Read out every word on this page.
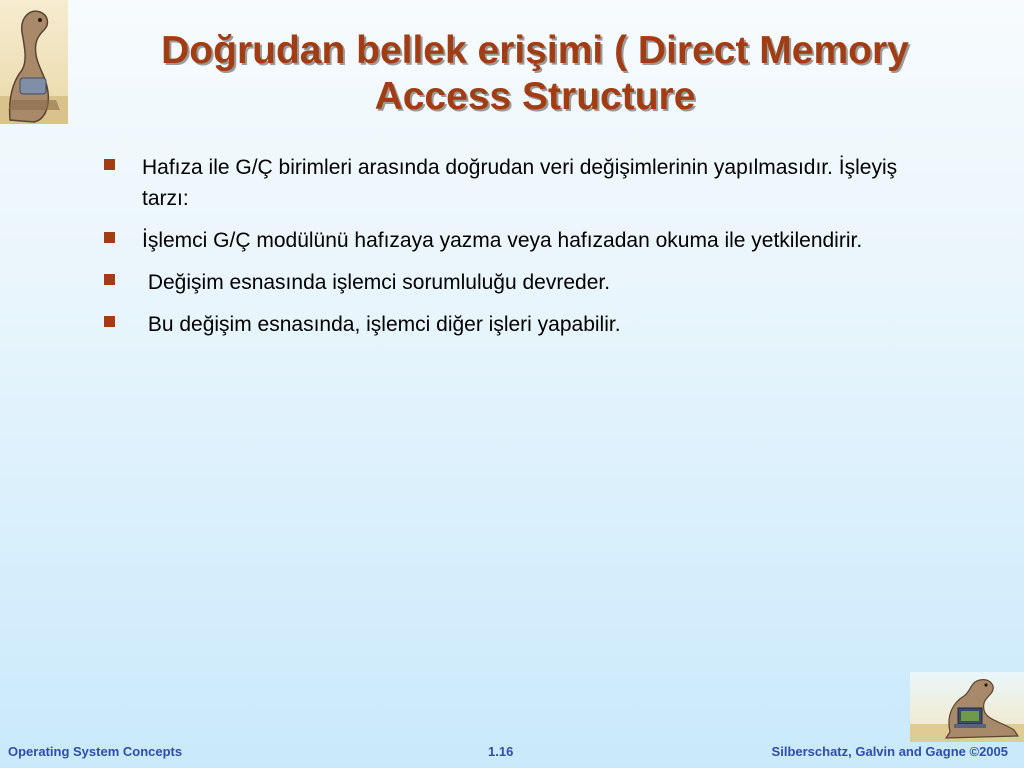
Doğrudan bellek erişimi ( Direct Memory
Access Structure
Hafıza ile G/Ç birimleri arasında doğrudan veri değişimlerinin yapılmasıdır. İşleyiş tarzı:
İşlemci G/Ç modülünü hafızaya yazma veya hafızadan okuma ile yetkilendirir.
Değişim esnasında işlemci sorumluluğu devreder.
Bu değişim esnasında, işlemci diğer işleri yapabilir.
Operating System Concepts	1.16	Silberschatz, Galvin and Gagne ©2005
